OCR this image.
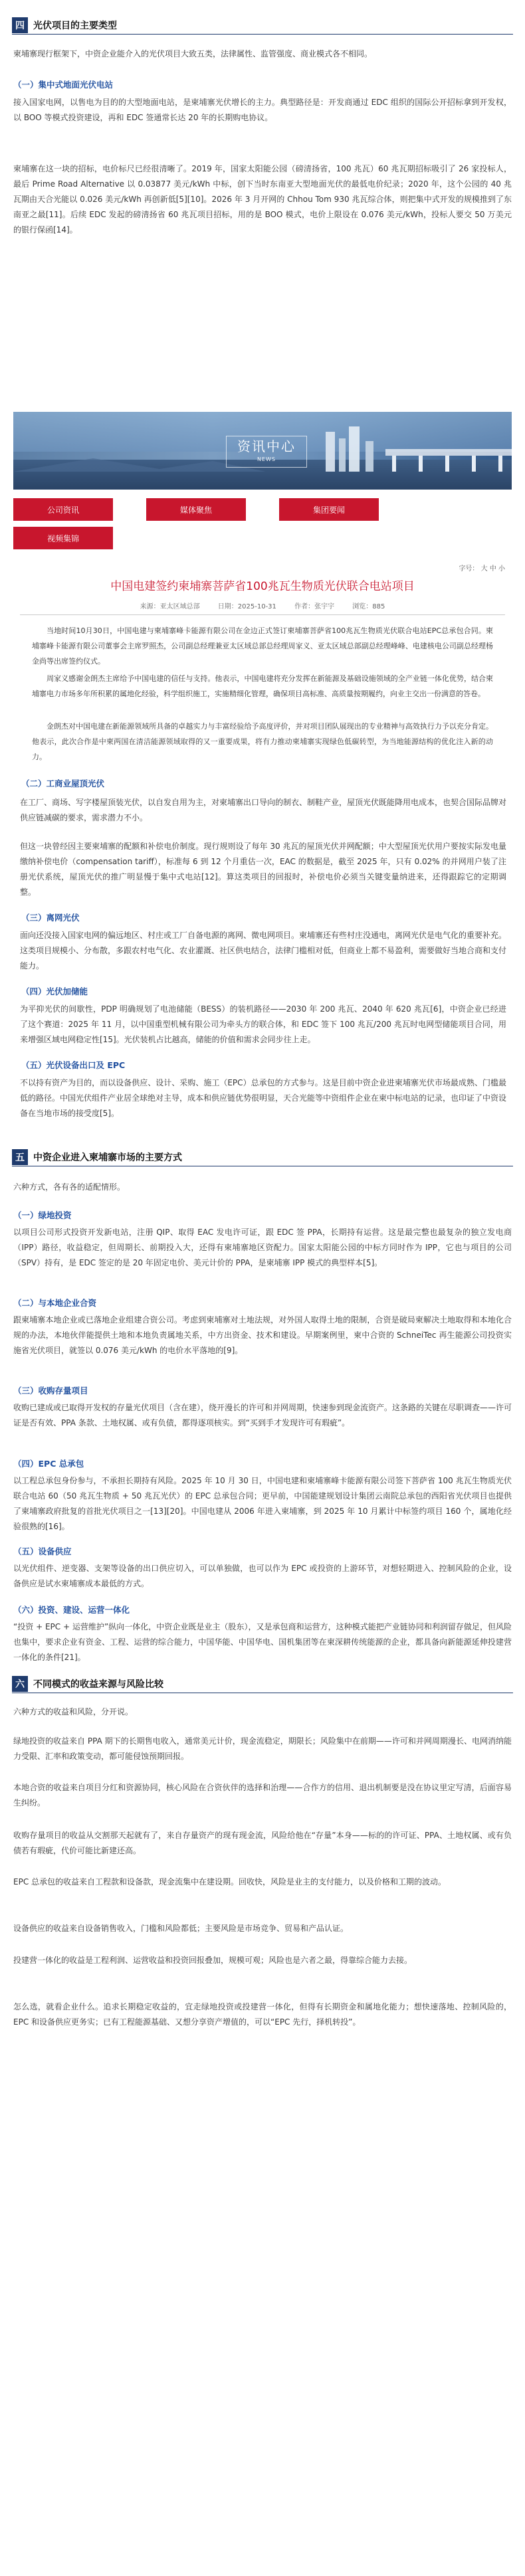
四 光伏项目的主要类型

柬埔寨现行框架下，中资企业能介入的光伏项目大致五类，法律属性、监管强度、商业模式各不相同。

（一）集中式地面光伏电站

接入国家电网，以售电为目的的大型地面电站，是柬埔寨光伏增长的主力。典型路径是：开发商通过 EDC 组织的国际公开招标拿到开发权，以 BOO 等模式投资建设，再和 EDC 签通常长达 20 年的长期购电协议。

柬埔寨在这一块的招标，电价标尺已经很清晰了。2019 年，国家太阳能公园（磅清扬省，100 兆瓦）60 兆瓦期招标吸引了 26 家投标人，最后 Prime Road Alternative 以 0.03877 美元/kWh 中标，创下当时东南亚大型地面光伏的最低电价纪录；2020 年，这个公园的 40 兆瓦期由天合光能以 0.026 美元/kWh 再创新低[5][10]。2026 年 3 月开网的 Chhou Tom 930 兆瓦综合体，则把集中式开发的规模推到了东南亚之最[11]。后续 EDC 发起的磅清扬省 60 兆瓦项目招标，用的是 BOO 模式，电价上限设在 0.076 美元/kWh，投标人要交 50 万美元的银行保函[14]。

资讯中心
NEWS
公司资讯	媒体聚焦	集团要闻
视频集锦
字号： 大 中 小
中国电建签约柬埔寨菩萨省100兆瓦生物质光伏联合电站项目
来源：亚太区域总部	日期：2025-10-31	作者：张宇宇	浏览：885

当地时间10月30日，中国电建与柬埔寨峰卡能源有限公司在金边正式签订柬埔寨菩萨省100兆瓦生物质光伏联合电站EPC总承包合同。柬埔寨峰卡能源有限公司董事会主席罗照杰，公司副总经理兼亚太区域总部总经理周家义、亚太区域总部副总经理峰峰、电建核电公司副总经理杨金尚等出席签约仪式。

周家义感谢金朗杰主席给予中国电建的信任与支持。他表示，中国电建将充分发挥在新能源及基础设施领域的全产业链一体化优势，结合柬埔寨电力市场多年所积累的属地化经验，科学组织施工，实施精细化管理，确保项目高标准、高质量按期履约，向业主交出一份满意的答卷。

金朗杰对中国电建在新能源领域所具备的卓越实力与丰富经验给予高度评价，并对项目团队展现出的专业精神与高效执行力予以充分肯定。他表示，此次合作是中柬两国在清洁能源领域取得的又一重要成果，将有力推动柬埔寨实现绿色低碳转型，为当地能源结构的优化注入新的动力。

（二）工商业屋顶光伏

在工厂、商场、写字楼屋顶装光伏，以自发自用为主，对柬埔寨出口导向的制衣、制鞋产业，屋顶光伏既能降用电成本，也契合国际品牌对供应链减碳的要求，需求潜力不小。

但这一块曾经因主要柬埔寨的配额和补偿电价制度。现行规则设了每年 30 兆瓦的屋顶光伏并网配额；中大型屋顶光伏用户要按实际发电量缴纳补偿电价（compensation tariff），标准每 6 到 12 个月重估一次，EAC 的数据是，截至 2025 年，只有 0.02% 的并网用户装了注册光伏系统，屋顶光伏的推广明显慢于集中式电站[12]。算这类项目的回报时，补偿电价必须当关键变量纳进来，还得跟踪它的定期调整。

（三）离网光伏

面向还没接入国家电网的偏远地区、村庄或工厂自备电源的离网、微电网项目。柬埔寨还有些村庄没通电，离网光伏是电气化的重要补充。这类项目规模小、分布散，多跟农村电气化、农业灌溉、社区供电结合，法律门槛相对低，但商业上都不易盈利，需要做好当地合商和支付能力。

（四）光伏加储能

为平抑光伏的间歇性，PDP 明确规划了电池储能（BESS）的装机路径——2030 年 200 兆瓦、2040 年 620 兆瓦[6]，中资企业已经进了这个赛道：2025 年 11 月，以中国重型机械有限公司为牵头方的联合体，和 EDC 签下 100 兆瓦/200 兆瓦时电网型储能项目合同，用来增强区域电网稳定性[15]。光伏装机占比越高，储能的价值和需求会同步往上走。

（五）光伏设备出口及 EPC

不以持有资产为目的，而以设备供应、设计、采购、施工（EPC）总承包的方式参与。这是目前中资企业进柬埔寨光伏市场最成熟、门槛最低的路径。中国光伏组件产业居全球绝对主导，成本和供应链优势很明显，天合光能等中资组件企业在柬中标电站的记录，也印证了中资设备在当地市场的接受度[5]。

五 中资企业进入柬埔寨市场的主要方式

六种方式，各有各的适配情形。

（一）绿地投资

以项目公司形式投资开发新电站，注册 QIP、取得 EAC 发电许可证，跟 EDC 签 PPA，长期持有运营。这是最完整也最复杂的独立发电商（IPP）路径，收益稳定，但周期长、前期投入大，还得有柬埔寨地区资配力。国家太阳能公园的中标方同时作为 IPP，它也与项目的公司（SPV）持有，是 EDC 签定的是 20 年固定电价、美元计价的 PPA，是柬埔寨 IPP 模式的典型样本[5]。

（二）与本地企业合资

跟柬埔寨本地企业或已落地企业组建合资公司。考虑到柬埔寨对土地法规，对外国人取得土地的限制，合资是破局柬解决土地取得和本地化合规的办法，本地伙伴能提供土地和本地负责属地关系，中方出资金、技术和建设。早期案例里，柬中合资的 SchneiTec 再生能源公司投资实施省光伏项目，就签以 0.076 美元/kWh 的电价水平落地的[9]。

（三）收购存量项目

收购已建成或已取得开发权的存量光伏项目（含在建），绕开漫长的许可和并网周期，快速参到现金流资产。这条路的关键在尽职调查——许可证是否有效、PPA 条款、土地权属、或有负债，都得逐项核实。到“买到手才发现许可有瑕疵”。

（四）EPC 总承包

以工程总承包身份参与，不承担长期持有风险。2025 年 10 月 30 日，中国电建和柬埔寨峰卡能源有限公司签下菩萨省 100 兆瓦生物质光伏联合电站 60（50 兆瓦生物质 + 50 兆瓦光伏）的 EPC 总承包合同；更早前，中国能建规划设计集团云南院总承包的西阳省光伏项目也提供了柬埔寨政府批复的首批光伏项目之一[13][20]。中国电建从 2006 年进入柬埔寨，到 2025 年 10 月累计中标签约项目 160 个，属地化经验很熟的[16]。

（五）设备供应

以光伏组件、逆变器、支架等设备的出口供应切入，可以单独做，也可以作为 EPC 或投资的上游环节，对想轻期进入、控制风险的企业，设备供应是试水柬埔寨成本最低的方式。

（六）投资、建设、运营一体化

“投资 + EPC + 运营维护”纵向一体化，中资企业既是业主（股东），又是承包商和运营方，这种模式能把产业链协同和利润留存做足，但风险也集中，要求企业有资金、工程、运营的综合能力，中国华能、中国华电、国机集团等在柬深耕传统能源的企业，都具备向新能源延伸投建营一体化的条件[21]。

六 不同模式的收益来源与风险比较

六种方式的收益和风险，分开说。

绿地投资的收益来自 PPA 期下的长期售电收入，通常美元计价，现金流稳定，期限长；风险集中在前期——许可和并网周期漫长、电网消纳能力受限、汇率和政策变动，都可能侵蚀预期回报。

本地合资的收益来自项目分红和资源协同，核心风险在合资伙伴的选择和治理——合作方的信用、退出机制要是没在协议里定写清，后面容易生纠纷。

收购存量项目的收益从交割那天起就有了，来自存量资产的现有现金流，风险给他在“存量”本身——标的的许可证、PPA、土地权属、或有负债若有瑕疵，代价可能比新建还高。

EPC 总承包的收益来自工程款和设备款，现金流集中在建设期。回收快，风险是业主的支付能力，以及价格和工期的波动。

设备供应的收益来自设备销售收入，门槛和风险都低；主要风险是市场竞争、贸易和产品认证。

投建营一体化的收益是工程利润、运营收益和投资回报叠加，规模可观；风险也是六者之最，得靠综合能力去接。

怎么选，就看企业什么。追求长期稳定收益的，宜走绿地投资或投建营一体化，但得有长期资金和属地化能力；想快速落地、控制风险的，EPC 和设备供应更务实；已有工程能源基础、又想分享资产增值的，可以“EPC 先行，择机转投”。
